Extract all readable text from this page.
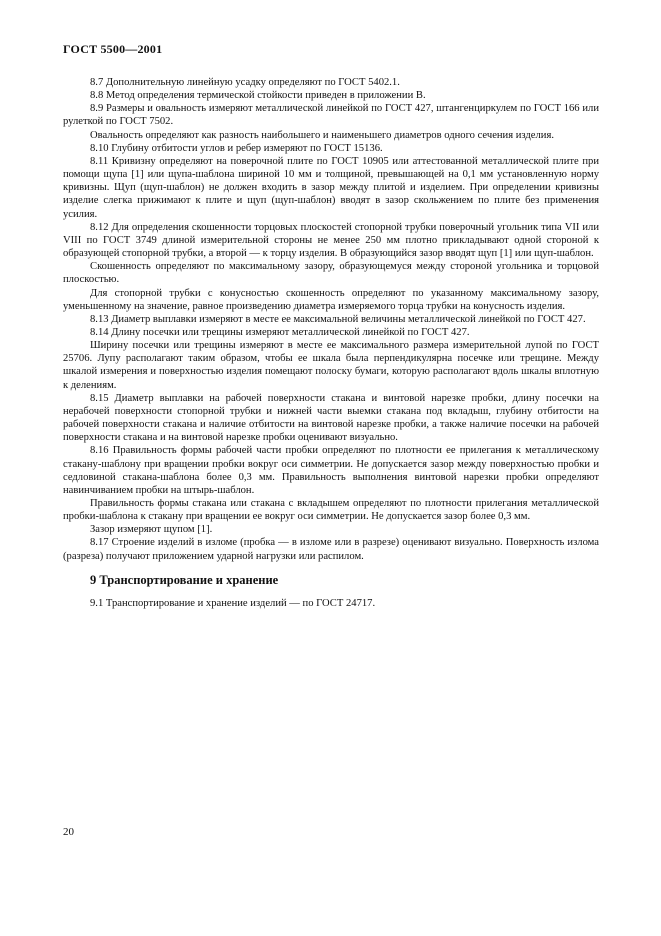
ГОСТ 5500—2001

8.7 Дополнительную линейную усадку определяют по ГОСТ 5402.1.

8.8 Метод определения термической стойкости приведен в приложении В.

8.9 Размеры и овальность измеряют металлической линейкой по ГОСТ 427, штангенциркулем по ГОСТ 166 или рулеткой по ГОСТ 7502.

Овальность определяют как разность наибольшего и наименьшего диаметров одного сечения изделия.

8.10 Глубину отбитости углов и ребер измеряют по ГОСТ 15136.

8.11 Кривизну определяют на поверочной плите по ГОСТ 10905 или аттестованной металлической плите при помощи щупа [1] или щупа-шаблона шириной 10 мм и толщиной, превышающей на 0,1 мм установленную норму кривизны. Щуп (щуп-шаблон) не должен входить в зазор между плитой и изделием. При определении кривизны изделие слегка прижимают к плите и щуп (щуп-шаблон) вводят в зазор скольжением по плите без применения усилия.

8.12 Для определения скошенности торцовых плоскостей стопорной трубки поверочный угольник типа VII или VIII по ГОСТ 3749 длиной измерительной стороны не менее 250 мм плотно прикладывают одной стороной к образующей стопорной трубки, а второй — к торцу изделия. В образующийся зазор вводят щуп [1] или щуп-шаблон.

Скошенность определяют по максимальному зазору, образующемуся между стороной угольника и торцовой плоскостью.

Для стопорной трубки с конусностью скошенность определяют по указанному максимальному зазору, уменьшенному на значение, равное произведению диаметра измеряемого торца трубки на конусность изделия.

8.13 Диаметр выплавки измеряют в месте ее максимальной величины металлической линейкой по ГОСТ 427.

8.14 Длину посечки или трещины измеряют металлической линейкой по ГОСТ 427.

Ширину посечки или трещины измеряют в месте ее максимального размера измерительной лупой по ГОСТ 25706. Лупу располагают таким образом, чтобы ее шкала была перпендикулярна посечке или трещине. Между шкалой измерения и поверхностью изделия помещают полоску бумаги, которую располагают вдоль шкалы вплотную к делениям.

8.15 Диаметр выплавки на рабочей поверхности стакана и винтовой нарезке пробки, длину посечки на нерабочей поверхности стопорной трубки и нижней части выемки стакана под вкладыш, глубину отбитости на рабочей поверхности стакана и наличие отбитости на винтовой нарезке пробки, а также наличие посечки на рабочей поверхности стакана и на винтовой нарезке пробки оценивают визуально.

8.16 Правильность формы рабочей части пробки определяют по плотности ее прилегания к металлическому стакану-шаблону при вращении пробки вокруг оси симметрии. Не допускается зазор между поверхностью пробки и седловиной стакана-шаблона более 0,3 мм. Правильность выполнения винтовой нарезки пробки определяют навинчиванием пробки на штырь-шаблон.

Правильность формы стакана или стакана с вкладышем определяют по плотности прилегания металлической пробки-шаблона к стакану при вращении ее вокруг оси симметрии. Не допускается зазор более 0,3 мм.

Зазор измеряют щупом [1].

8.17 Строение изделий в изломе (пробка — в изломе или в разрезе) оценивают визуально. Поверхность излома (разреза) получают приложением ударной нагрузки или распилом.

9 Транспортирование и хранение

9.1 Транспортирование и хранение изделий — по ГОСТ 24717.

20
